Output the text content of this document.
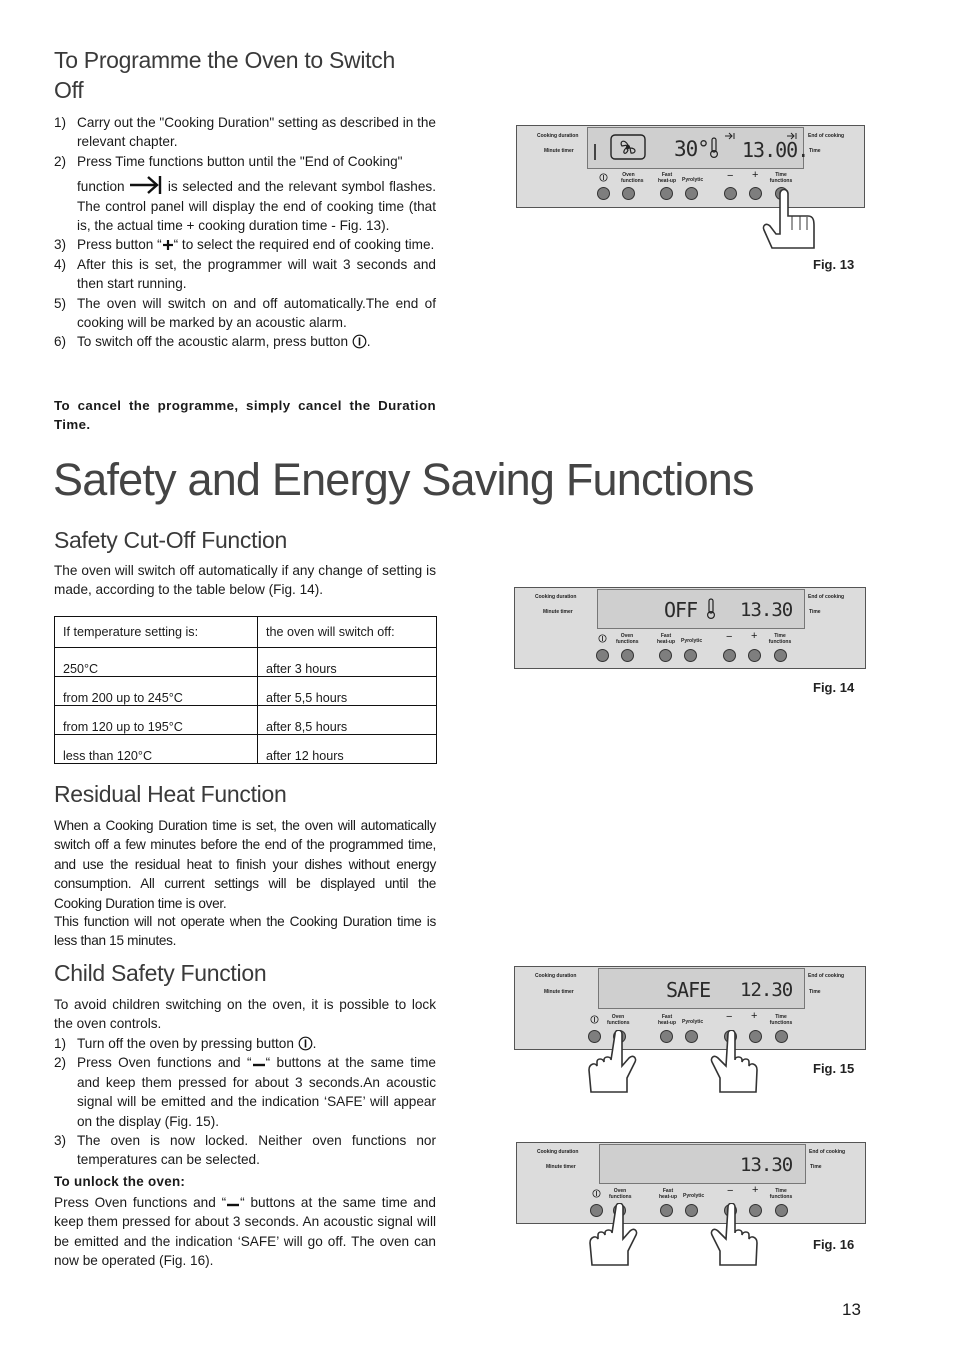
To Programme the Oven to Switch
Off
1) Carry out the "Cooking Duration" setting as described in the relevant chapter.
2) Press Time functions button until the "End of Cooking"
function	is selected and the relevant symbol flashes. The control panel will display the end of cooking time (that is, the actual time + cooking duration time - Fig. 13).
3) Press button “ “ to select the required end of cooking time.
4) After this is set, the programmer will wait 3 seconds and then start running.
5) The oven will switch on and off automatically.The end of cooking will be marked by an acoustic alarm.
6) To switch off the acoustic alarm, press button .
To cancel the programme, simply cancel the Duration Time.
Safety and Energy Saving Functions
Safety Cut-Off Function
The oven will switch off automatically if any change of setting is made, according to the table below (Fig. 14).
If temperature setting is:	the oven will switch off:
250°C	after 3 hours
from 200 up to 245°C	after 5,5 hours
from 120 up to 195°C	after 8,5 hours
less than 120°C	after 12 hours
Residual Heat Function
When a Cooking Duration time is set, the oven will automatically switch off a few minutes before the end of the programmed time, and use the residual heat to finish your dishes without energy consumption. All current settings will be displayed until the Cooking Duration time is over.
This function will not operate when the Cooking Duration time is less than 15 minutes.
Child Safety Function
To avoid children switching on the oven, it is possible to lock the oven controls.
1) Turn off the oven by pressing button .
2) Press Oven functions and “ “ buttons at the same time and keep them pressed for about 3 seconds.An acoustic signal will be emitted and the indication ‘SAFE’ will appear on the display (Fig. 15).
3) The oven is now locked. Neither oven functions nor temperatures can be selected.
To unlock the oven:
Press Oven functions and “ “ buttons at the same time and keep them pressed for about 3 seconds. An acoustic signal will be emitted and the indication ‘SAFE’ will go off. The oven can now be operated (Fig. 16).
Cooking duration
Minute timer
End of cooking
Time
30° 13.00.
Oven functions
Fast heat-up	Pyrolytic − +	Time functions
Fig. 13
Cooking duration
Minute timer
End of cooking
Time
OFF 13.30
Oven functions
Fast heat-up	Pyrolytic − +	Time functions
Fig. 14
Cooking duration
Minute timer
End of cooking
Time
SAFE 12.30
Oven functions
Fast heat-up	Pyrolytic − +	Time functions
Fig. 15
Cooking duration
Minute timer
End of cooking
Time
13.30
Oven functions
Fast heat-up	Pyrolytic − +	Time functions
Fig. 16
13
